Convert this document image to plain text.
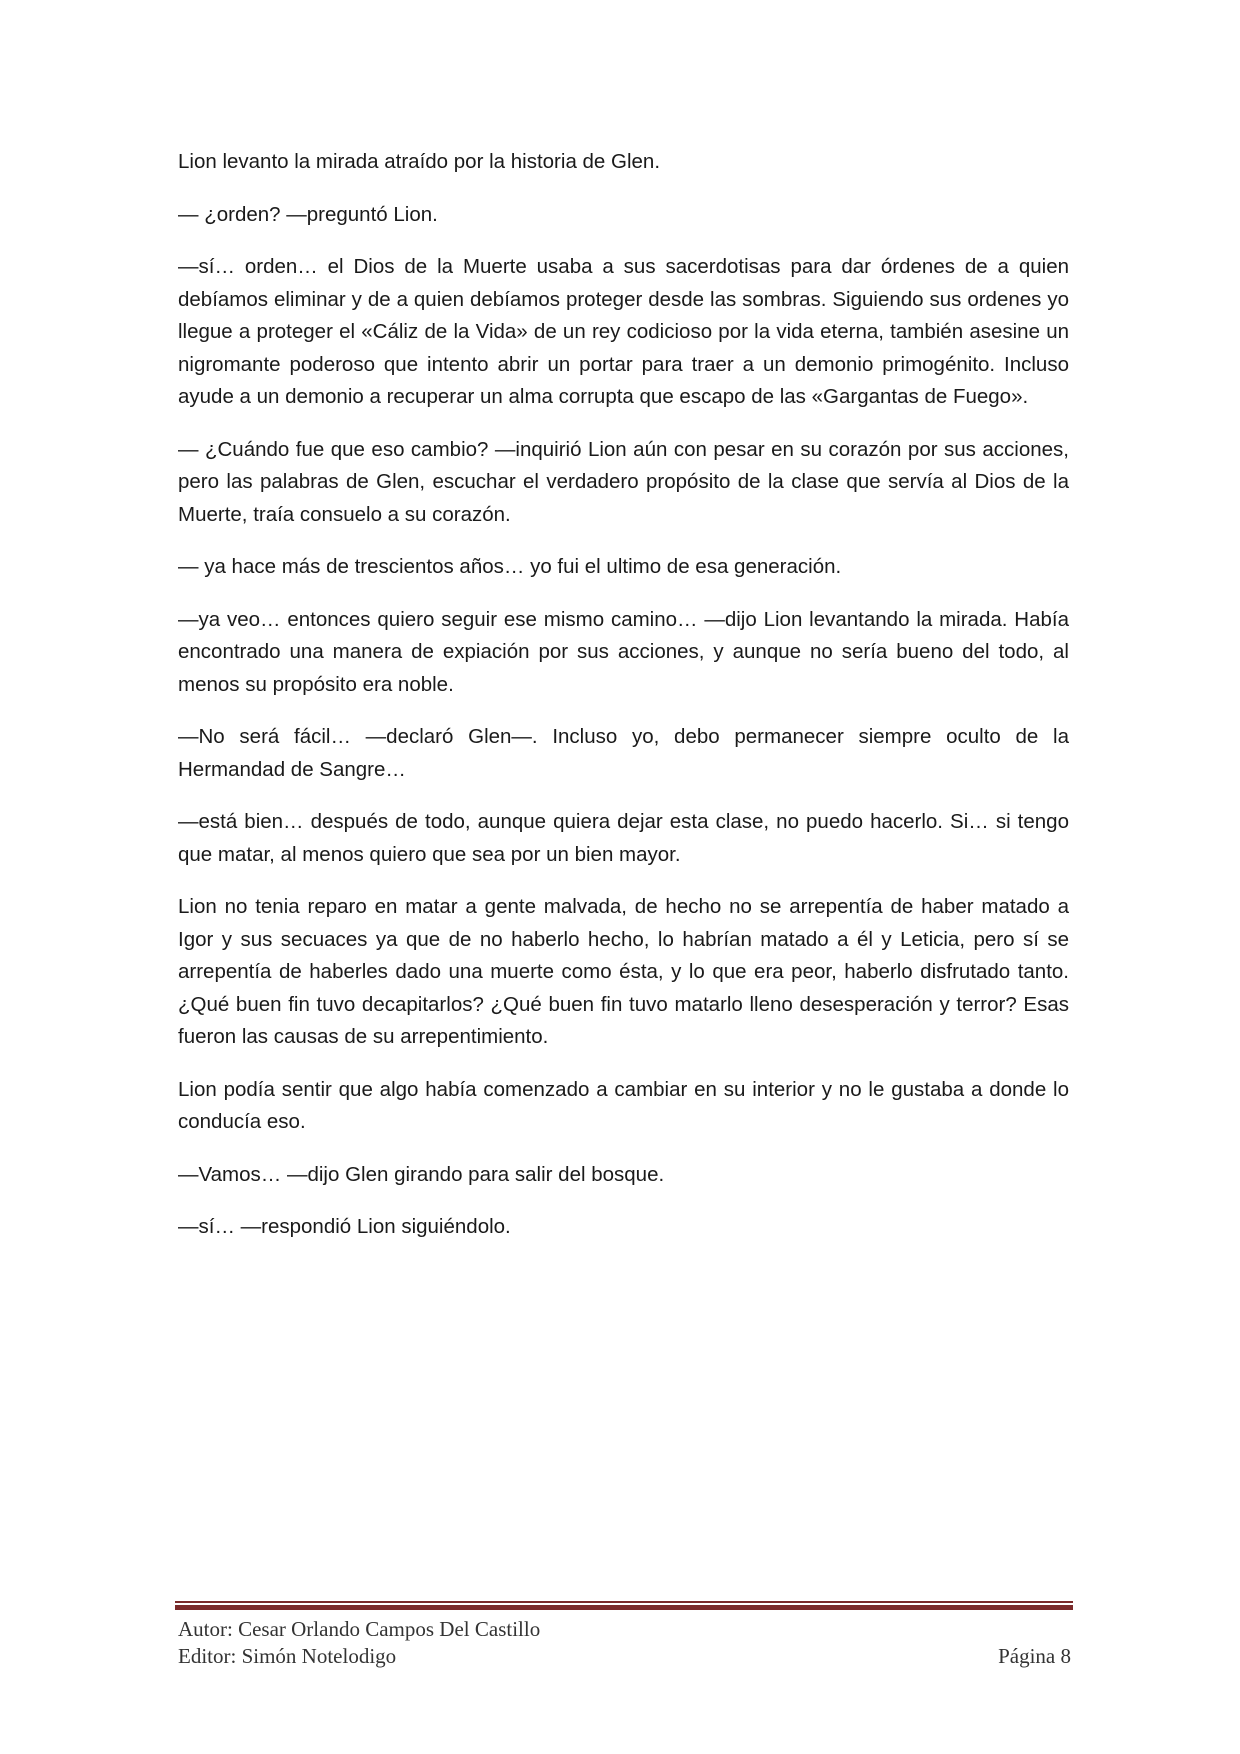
Lion levanto la mirada atraído por la historia de Glen.

— ¿orden? —preguntó Lion.

—sí… orden… el Dios de la Muerte usaba a sus sacerdotisas para dar órdenes de a quien debíamos eliminar y de a quien debíamos proteger desde las sombras. Siguiendo sus ordenes yo llegue a proteger el «Cáliz de la Vida» de un rey codicioso por la vida eterna, también asesine un nigromante poderoso que intento abrir un portar para traer a un demonio primogénito. Incluso ayude a un demonio a recuperar un alma corrupta que escapo de las «Gargantas de Fuego».

— ¿Cuándo fue que eso cambio? —inquirió Lion aún con pesar en su corazón por sus acciones, pero las palabras de Glen, escuchar el verdadero propósito de la clase que servía al Dios de la Muerte, traía consuelo a su corazón.

— ya hace más de trescientos años… yo fui el ultimo de esa generación.

—ya veo… entonces quiero seguir ese mismo camino… —dijo Lion levantando la mirada. Había encontrado una manera de expiación por sus acciones, y aunque no sería bueno del todo, al menos su propósito era noble.

—No será fácil… —declaró Glen—. Incluso yo, debo permanecer siempre oculto de la Hermandad de Sangre…

—está bien… después de todo, aunque quiera dejar esta clase, no puedo hacerlo. Si… si tengo que matar, al menos quiero que sea por un bien mayor.

Lion no tenia reparo en matar a gente malvada, de hecho no se arrepentía de haber matado a Igor y sus secuaces ya que de no haberlo hecho, lo habrían matado a él y Leticia, pero sí se arrepentía de haberles dado una muerte como ésta, y lo que era peor, haberlo disfrutado tanto. ¿Qué buen fin tuvo decapitarlos? ¿Qué buen fin tuvo matarlo lleno desesperación y terror? Esas fueron las causas de su arrepentimiento.

Lion podía sentir que algo había comenzado a cambiar en su interior y no le gustaba a donde lo conducía eso.

—Vamos… —dijo Glen girando para salir del bosque.

—sí… —respondió Lion siguiéndolo.

Autor: Cesar Orlando Campos Del Castillo
Editor: Simón Notelodigo	Página 8
